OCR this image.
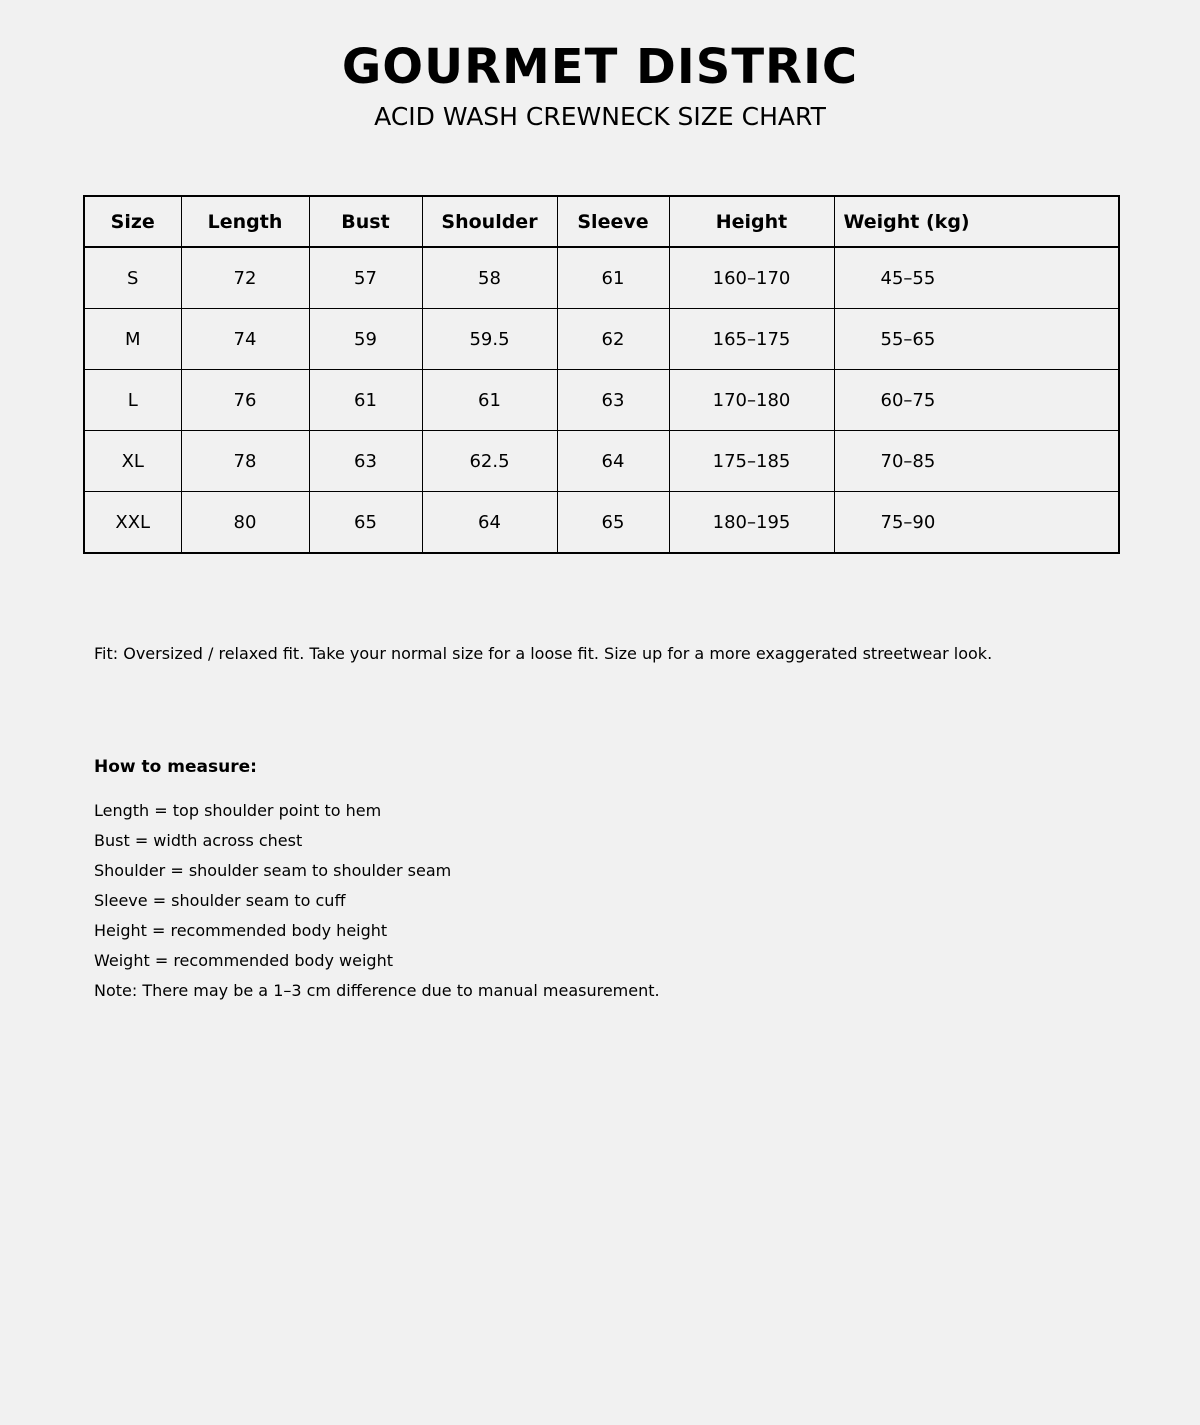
GOURMET DISTRIC
ACID WASH CREWNECK SIZE CHART
Size	Length	Bust	Shoulder	Sleeve	Height	Weight (kg)
S	72	57	58	61	160–170	45–55
M	74	59	59.5	62	165–175	55–65
L	76	61	61	63	170–180	60–75
XL	78	63	62.5	64	175–185	70–85
XXL	80	65	64	65	180–195	75–90
Fit: Oversized / relaxed fit. Take your normal size for a loose fit. Size up for a more exaggerated streetwear look.
How to measure:
Length = top shoulder point to hem
Bust = width across chest
Shoulder = shoulder seam to shoulder seam
Sleeve = shoulder seam to cuff
Height = recommended body height
Weight = recommended body weight
Note: There may be a 1–3 cm difference due to manual measurement.
